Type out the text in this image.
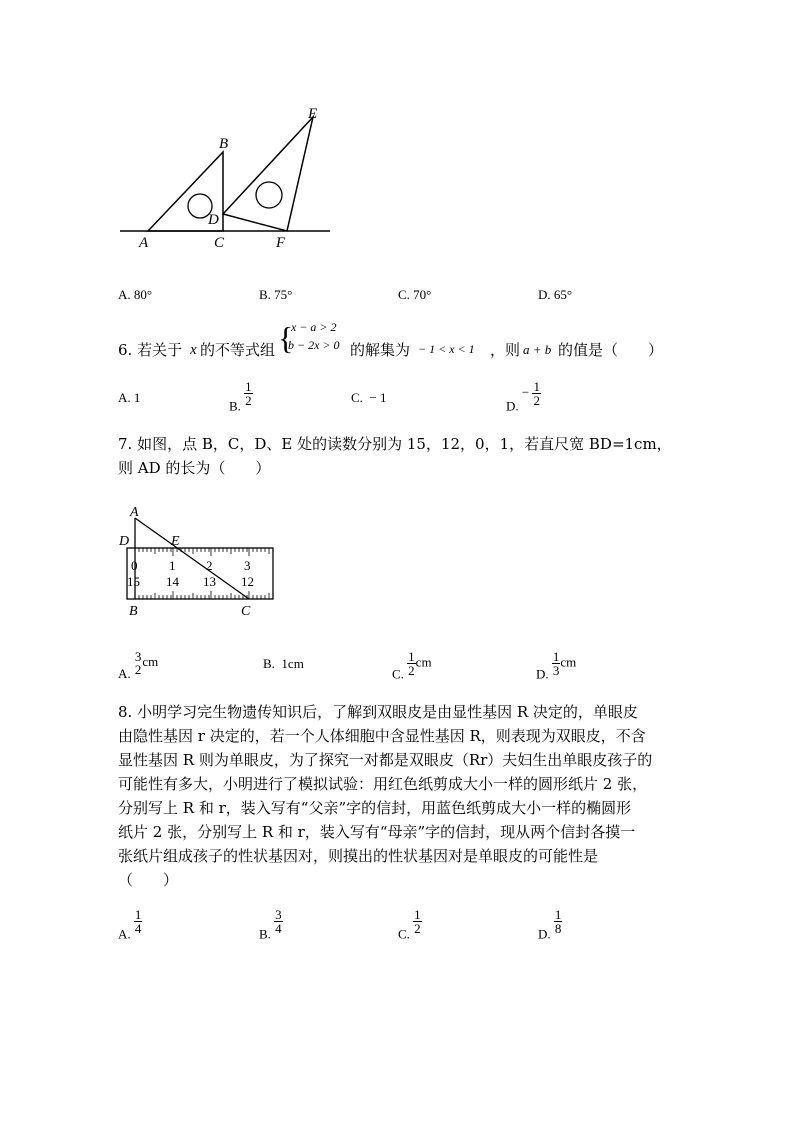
B
E
D
A	C	F
A. 80°	B. 75°	C. 70°	D. 65°
6. 若关于 x 的不等式组 {
x − a > 2
b − 2x > 0 的解集为 − 1 < x < 1 ，则 a + b 的值是（　　）
A. 1
B. $\frac{1}{2}$	C. − 1
D. − $\frac{1}{2}$
7. 如图，点 B，C，D、E 处的读数分别为 15，12，0，1，若直尺宽 BD=1cm，
则 AD 的长为（　　）
0 1 2 3
15 14 13 12
A
D	E
B	C
A.
3
2
cm	B. 1cm
C. $\frac{1}{2}$ cm
D. $\frac{1}{3}$ cm
8. 小明学习完生物遗传知识后，了解到双眼皮是由显性基因 R 决定的，单眼皮
由隐性基因 r 决定的，若一个人体细胞中含显性基因 R，则表现为双眼皮，不含
显性基因 R 则为单眼皮，为了探究一对都是双眼皮（Rr）夫妇生出单眼皮孩子的
可能性有多大，小明进行了模拟试验：用红色纸剪成大小一样的圆形纸片 2 张，
分别写上 R 和 r，装入写有“父亲”字的信封，用蓝色纸剪成大小一样的椭圆形
纸片 2 张，分别写上 R 和 r，装入写有“母亲”字的信封，现从两个信封各摸一
张纸片组成孩子的性状基因对，则摸出的性状基因对是单眼皮的可能性是
（　　）
A. $\frac{1}{4}$	B. $\frac{3}{4}$	C. $\frac{1}{2}$	D. $\frac{1}{8}$
